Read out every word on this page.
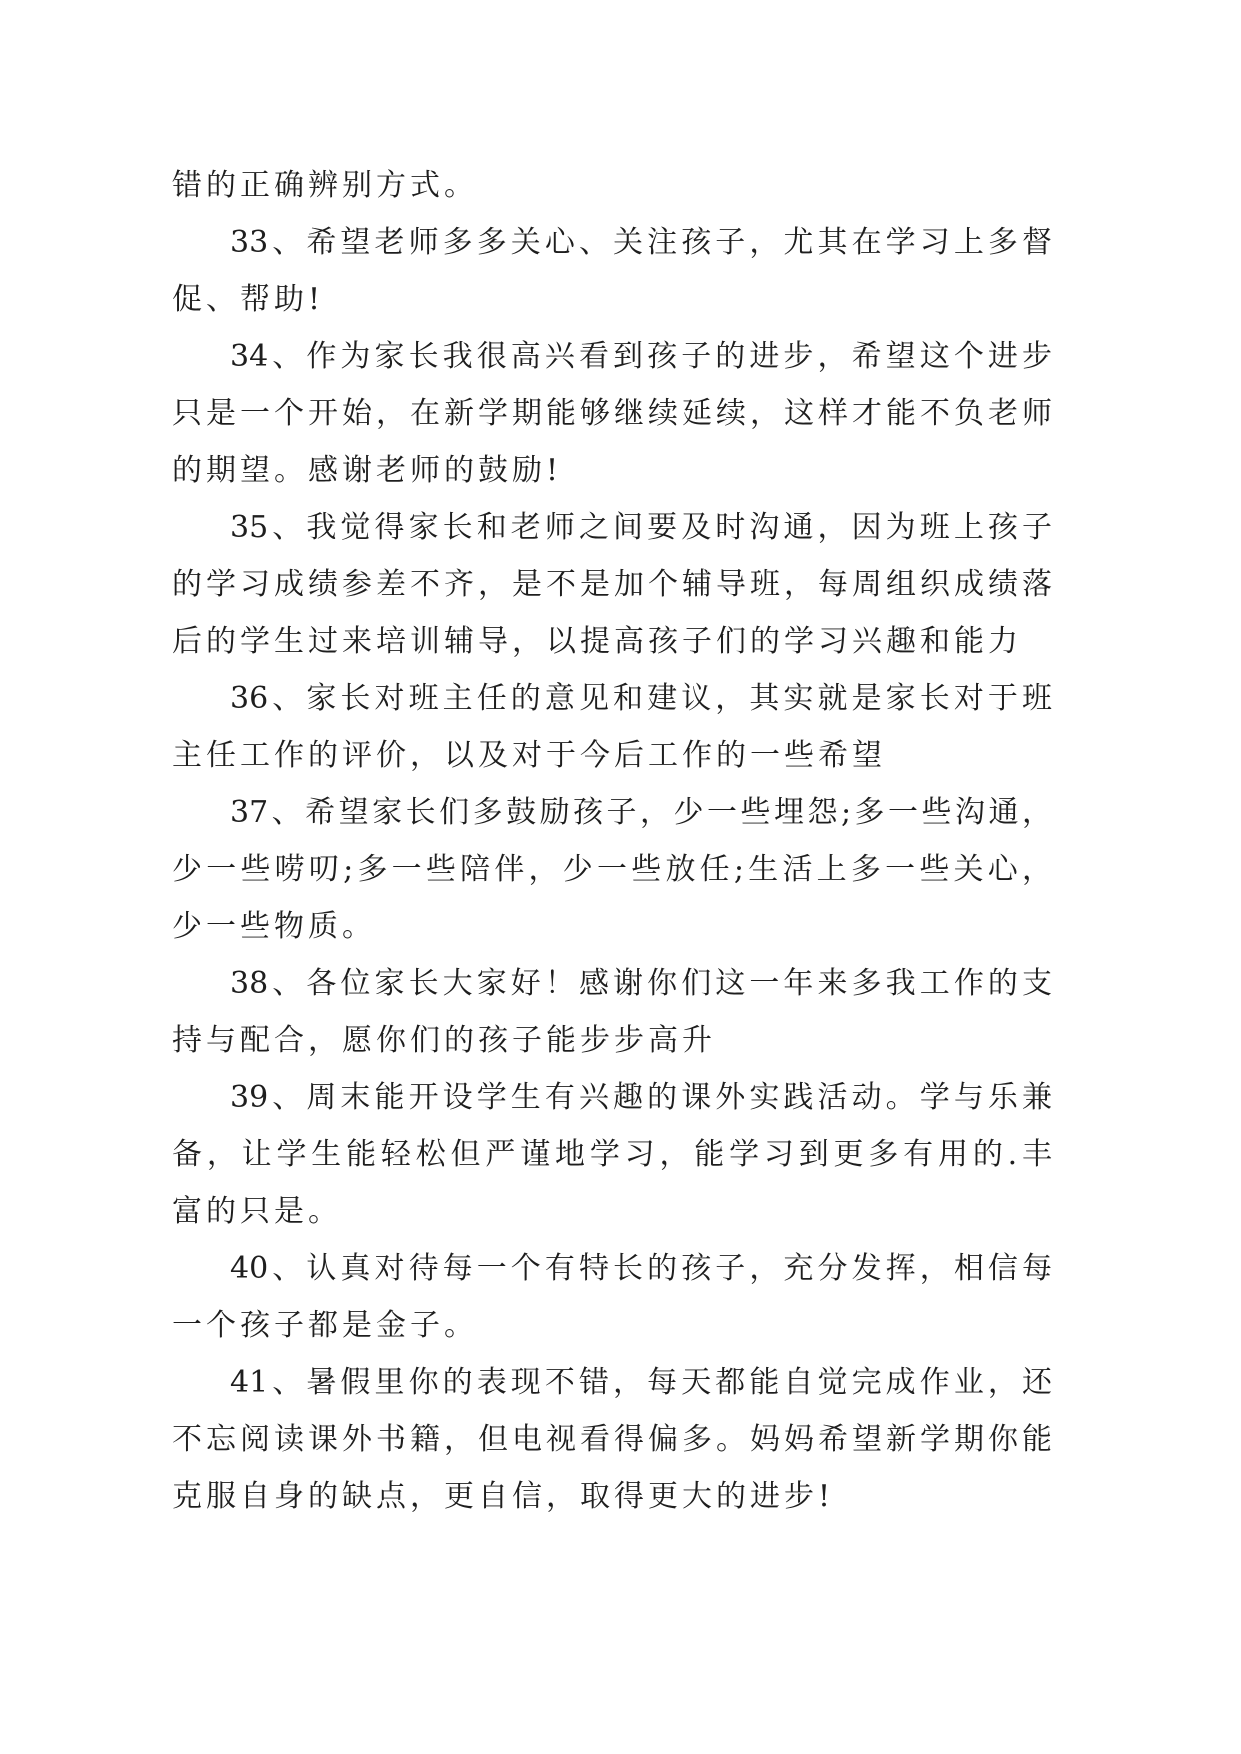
错的正确辨别方式。
33、希望老师多多关心、关注孩子，尤其在学习上多督
促、帮助!
34、作为家长我很高兴看到孩子的进步，希望这个进步
只是一个开始，在新学期能够继续延续，这样才能不负老师
的期望。感谢老师的鼓励!
35、我觉得家长和老师之间要及时沟通，因为班上孩子
的学习成绩参差不齐，是不是加个辅导班，每周组织成绩落
后的学生过来培训辅导，以提高孩子们的学习兴趣和能力
36、家长对班主任的意见和建议，其实就是家长对于班
主任工作的评价，以及对于今后工作的一些希望
37、希望家长们多鼓励孩子，少一些埋怨;多一些沟通，
少一些唠叨;多一些陪伴，少一些放任;生活上多一些关心，
少一些物质。
38、各位家长大家好！感谢你们这一年来多我工作的支
持与配合，愿你们的孩子能步步高升
39、周末能开设学生有兴趣的课外实践活动。学与乐兼
备，让学生能轻松但严谨地学习，能学习到更多有用的.丰
富的只是。
40、认真对待每一个有特长的孩子，充分发挥，相信每
一个孩子都是金子。
41、暑假里你的表现不错，每天都能自觉完成作业，还
不忘阅读课外书籍，但电视看得偏多。妈妈希望新学期你能
克服自身的缺点，更自信，取得更大的进步!
